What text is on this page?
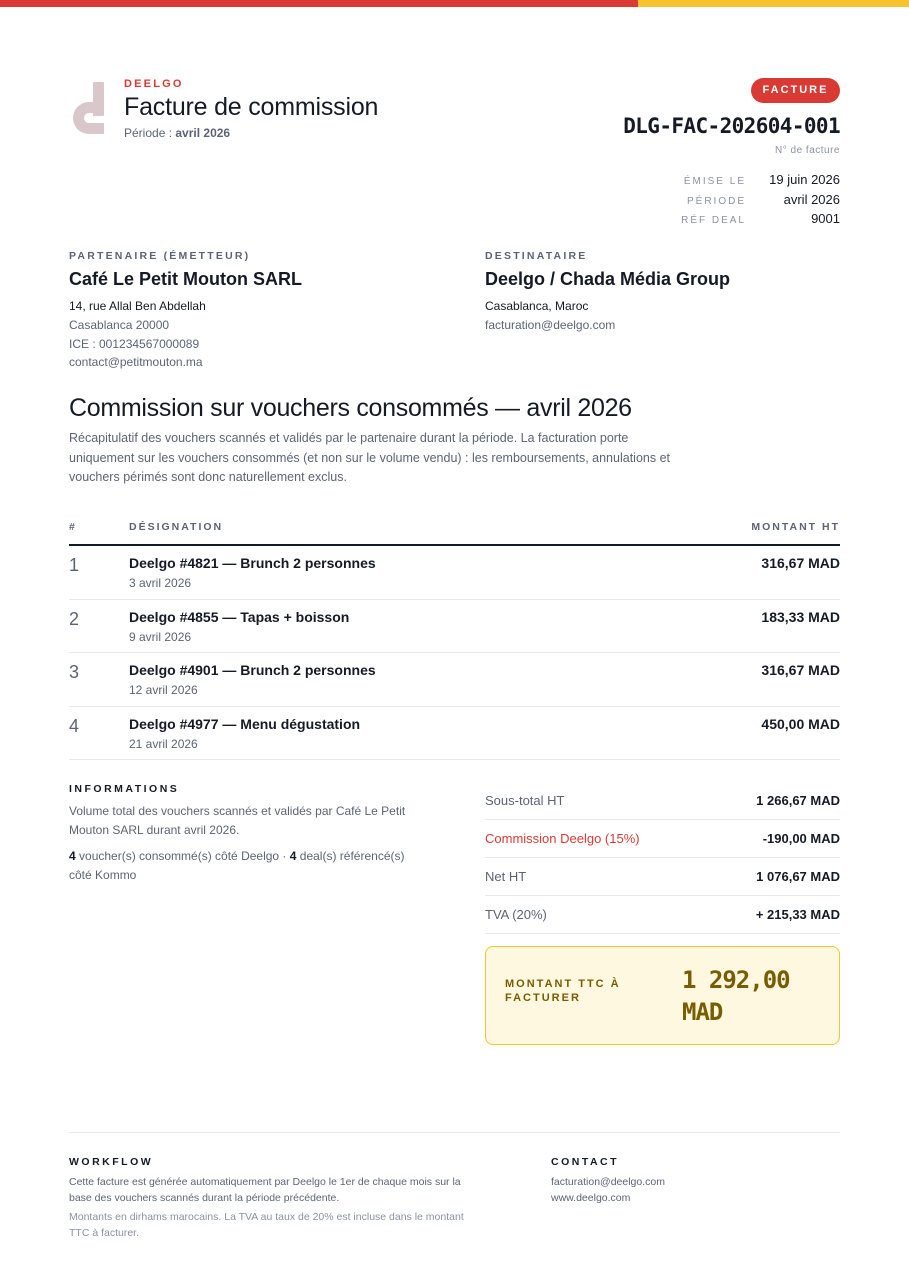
DEELGO
Facture de commission
Période : avril 2026
FACTURE
DLG-FAC-202604-001
N° de facture
ÉMISE LE	19 juin 2026
PÉRIODE	avril 2026
RÉF DEAL	9001
PARTENAIRE (ÉMETTEUR)
Café Le Petit Mouton SARL
14, rue Allal Ben Abdellah
Casablanca 20000
ICE : 001234567000089
contact@petitmouton.ma
DESTINATAIRE
Deelgo / Chada Média Group
Casablanca, Maroc
facturation@deelgo.com
Commission sur vouchers consommés — avril 2026
Récapitulatif des vouchers scannés et validés par le partenaire durant la période. La facturation porte uniquement sur les vouchers consommés (et non sur le volume vendu) : les remboursements, annulations et vouchers périmés sont donc naturellement exclus.
#	DÉSIGNATION	MONTANT HT
1	Deelgo #4821 — Brunch 2 personnes
3 avril 2026
316,67 MAD
2	Deelgo #4855 — Tapas + boisson
9 avril 2026
183,33 MAD
3	Deelgo #4901 — Brunch 2 personnes
12 avril 2026
316,67 MAD
4	Deelgo #4977 — Menu dégustation
21 avril 2026
450,00 MAD
INFORMATIONS
Volume total des vouchers scannés et validés par Café Le Petit Mouton SARL durant avril 2026.
4 voucher(s) consommé(s) côté Deelgo · 4 deal(s) référencé(s) côté Kommo
Sous-total HT	1 266,67 MAD
Commission Deelgo (15%)	-190,00 MAD
Net HT	1 076,67 MAD
TVA (20%)	+ 215,33 MAD
MONTANT TTC À FACTURER
1 292,00 MAD
WORKFLOW
Cette facture est générée automatiquement par Deelgo le 1er de chaque mois sur la base des vouchers scannés durant la période précédente.
Montants en dirhams marocains. La TVA au taux de 20% est incluse dans le montant TTC à facturer.
CONTACT
facturation@deelgo.com
www.deelgo.com
